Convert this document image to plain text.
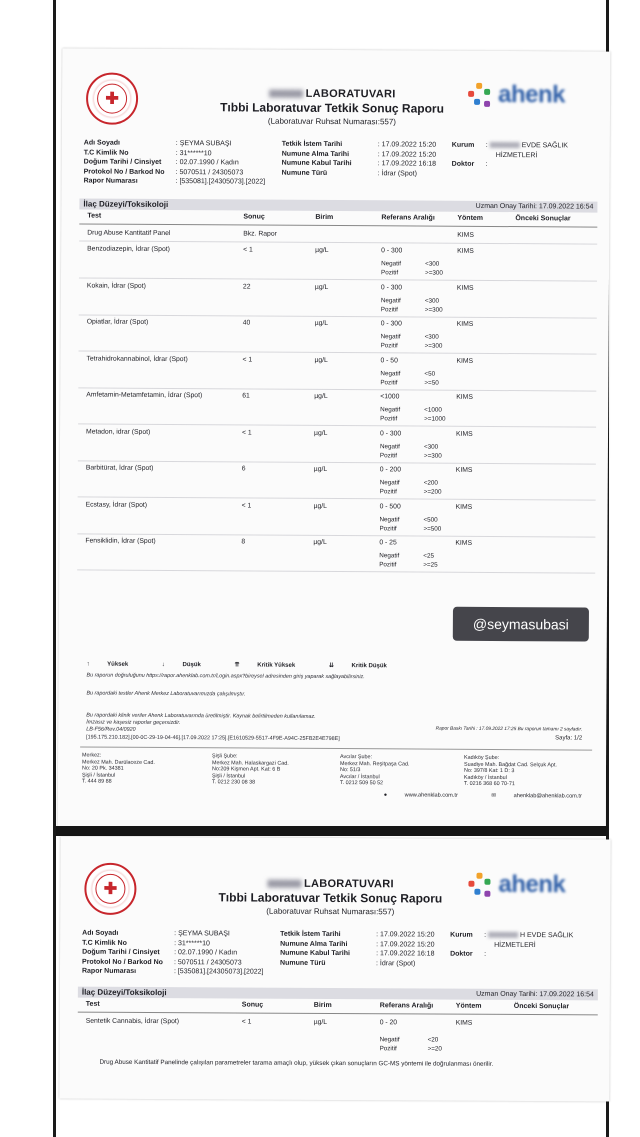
✚	LABORATUVARI
Tıbbi Laboratuvar Tetkik Sonuç Raporu
(Laboratuvar Ruhsat Numarası:557)
ahenk
Adı Soyadı	: ŞEYMA SUBAŞI
T.C Kimlik No	: 31******10
Doğum Tarihi / Cinsiyet : 02.07.1990 / Kadın
Protokol No / Barkod No : 5070511 / 24305073
Rapor Numarası	: [535081].[24305073].[2022]
Tetkik İstem Tarihi	: 17.09.2022 15:20
Numune Alma Tarihi	: 17.09.2022 15:20
Numune Kabul Tarihi	: 17.09.2022 16:18
Numune Türü	: İdrar (Spot)
Kurum :	EVDE SAĞLIK
HİZMETLERİ
Doktor :
İlaç Düzeyi/Toksikoloji	Uzman Onay Tarihi: 17.09.2022 16:54
Test	Sonuç	Birim	Referans Aralığı	Yöntem	Önceki Sonuçlar
Drug Abuse Kantitatif Panel	Bkz. Rapor	KIMS
Benzodiazepin, İdrar (Spot)	< 1	µg/L	0 - 300	KIMS
Negatif	<300
Pozitif	>=300
Kokain, İdrar (Spot)	22	µg/L	0 - 300	KIMS
Negatif	<300
Pozitif	>=300
Opiatlar, İdrar (Spot)	40	µg/L	0 - 300	KIMS
Negatif	<300
Pozitif	>=300
Tetrahidrokannabinol, İdrar (Spot)	< 1	µg/L	0 - 50	KIMS
Negatif	<50
Pozitif	>=50
Amfetamin-Metamfetamin, İdrar (Spot)	61	µg/L	<1000	KIMS
Negatif	<1000
Pozitif	>=1000
Metadon, idrar (Spot)	< 1	µg/L	0 - 300	KIMS
Negatif	<300
Pozitif	>=300
Barbitürat, İdrar (Spot)	6	µg/L	0 - 200	KIMS
Negatif	<200
Pozitif	>=200
Ecstasy, İdrar (Spot)	< 1	µg/L	0 - 500	KIMS
Negatif	<500
Pozitif	>=500
Fensiklidin, İdrar (Spot)	8	µg/L	0 - 25	KIMS
Negatif	<25
Pozitif	>=25
@seymasubasi
↑	Yüksek	↓	Düşük	⇈	Kritik Yüksek	⇊	Kritik Düşük
Bu raporun doğruluğunu https://rapor.ahenklab.com.tr/Login.aspx?bireysel adresinden giriş yaparak sağlayabilirsiniz.
Bu rapordaki testler Ahenk Merkez Laboratuvarımızda çalışılmıştır.
Bu rapordaki klinik veriler Ahenk Laboratuvarında üretilmiştir. Kaynak belirtilmeden kullanılamaz.
İmzasız ve kaşesiz raporlar geçersizdir.
LB-F56/Rev.04/0920
[195.175.210.182].[00-0C-29-19-04-46].[17.09.2022 17:25].[E1610529-5517-4F9E-A94C-25FB2E4E798E]
Rapor Baskı Tarihi : 17.09.2022 17:25 Bu raporun tamamı 2 sayfadır.
Sayfa: 1/2
Merkez:
Merkez Mah. Darülaceze Cad.
No: 20 Pk. 34381
Şişli / İstanbul
T. 444 89 88
Şişli Şube:
Merkez Mah. Halaskargazi Cad.
No:209 Kişmen Apt. Kat: 6 B
Şişli / İstanbul
T. 0212 230 08 38
Avcılar Şube:
Merkez Mah. Reşitpaşa Cad.
No: 51/3
Avcılar / İstanbul
T. 0212 509 50 52
Kadıköy Şube:
Suadiye Mah. Bağdat Cad. Selçuk Apt.
No: 397/8 Kat: 1 D: 3
Kadıköy / İstanbul
T. 0216 368 60 70-71
●	www.ahenklab.com.tr	✉	ahenklab@ahenklab.com.tr
✚	LABORATUVARI
Tıbbi Laboratuvar Tetkik Sonuç Raporu
(Laboratuvar Ruhsat Numarası:557)
ahenk
Adı Soyadı	: ŞEYMA SUBAŞI
T.C Kimlik No	: 31******10
Doğum Tarihi / Cinsiyet : 02.07.1990 / Kadın
Protokol No / Barkod No : 5070511 / 24305073
Rapor Numarası	: [535081].[24305073].[2022]
Tetkik İstem Tarihi	: 17.09.2022 15:20
Numune Alma Tarihi	: 17.09.2022 15:20
Numune Kabul Tarihi	: 17.09.2022 16:18
Numune Türü	: İdrar (Spot)
Kurum :	H EVDE SAĞLIK
HİZMETLERİ
Doktor :
İlaç Düzeyi/Toksikoloji	Uzman Onay Tarihi: 17.09.2022 16:54
Test	Sonuç	Birim	Referans Aralığı	Yöntem	Önceki Sonuçlar
Sentetik Cannabis, İdrar (Spot)	< 1	µg/L	0 - 20	KIMS
Negatif	<20
Pozitif	>=20
Drug Abuse Kantitatif Panelinde çalışılan parametreler tarama amaçlı olup, yüksek çıkan sonuçların GC-MS yöntemi ile doğrulanması önerilir.
